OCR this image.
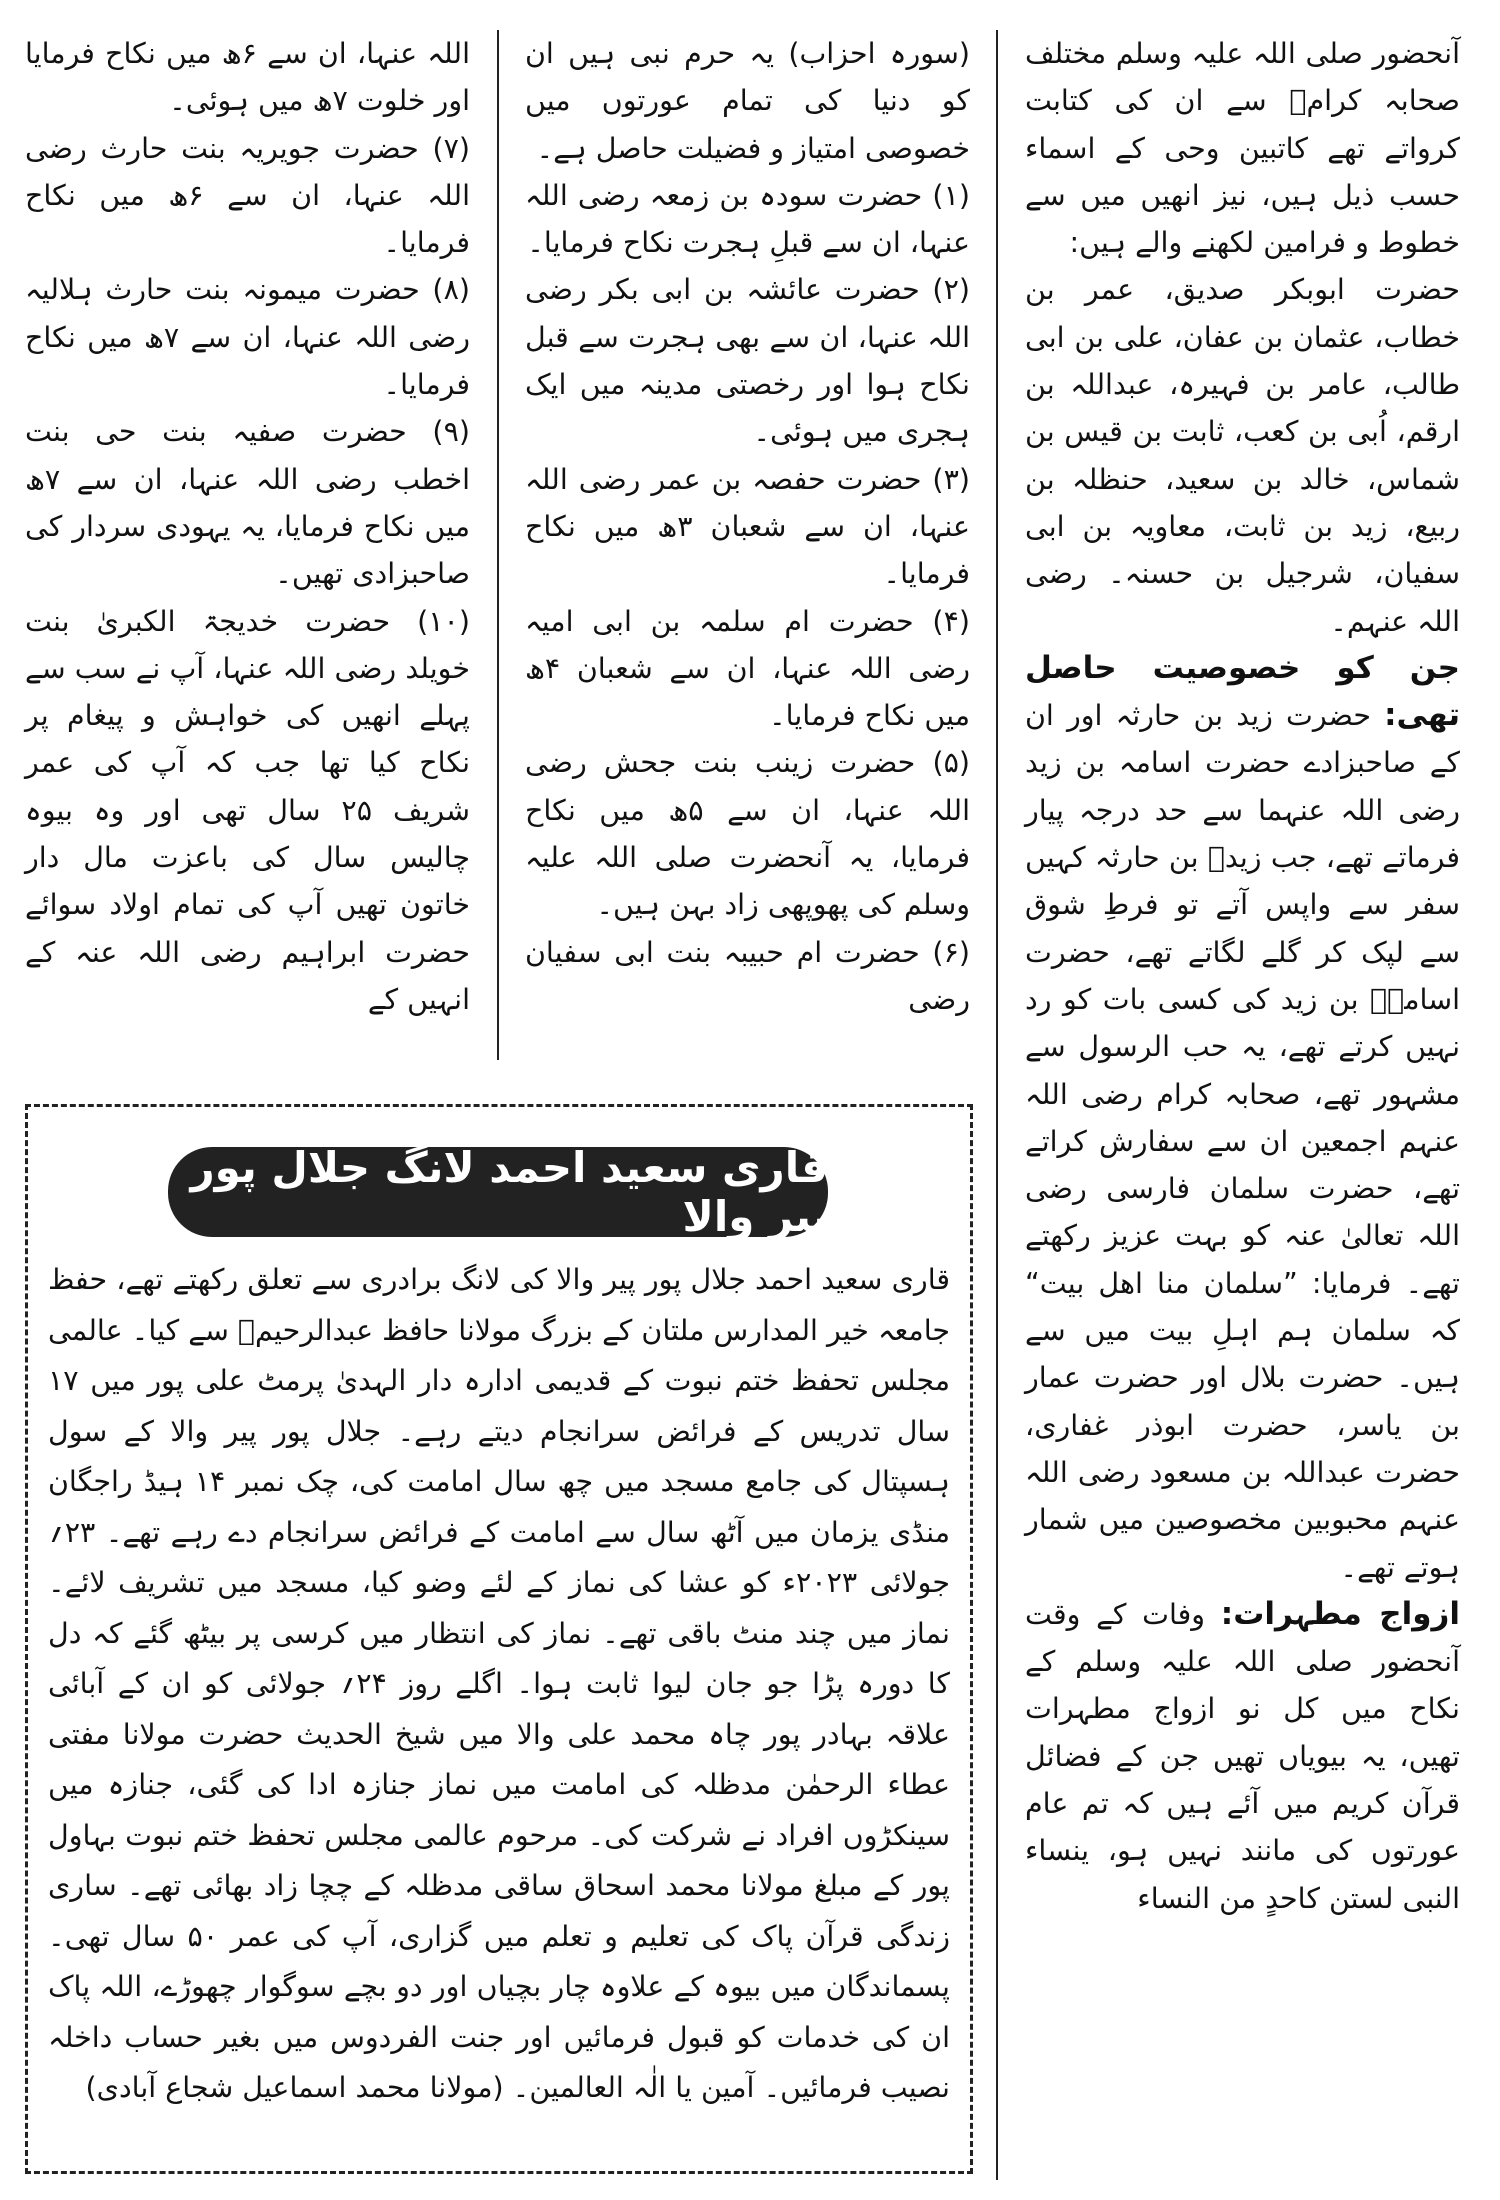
آنحضور صلی اللہ علیہ وسلم مختلف صحابہ کرامؓ سے ان کی کتابت کرواتے تھے کاتبین وحی کے اسماء حسب ذیل ہیں، نیز انھیں میں سے خطوط و فرامین لکھنے والے ہیں:

حضرت ابوبکر صدیق، عمر بن خطاب، عثمان بن عفان، علی بن ابی طالب، عامر بن فہیرہ، عبداللہ بن ارقم، اُبی بن کعب، ثابت بن قیس بن شماس، خالد بن سعید، حنظلہ بن ربیع، زید بن ثابت، معاویہ بن ابی سفیان، شرجیل بن حسنہ۔ رضی اللہ عنہم۔

جن کو خصوصیت حاصل تھی: حضرت زید بن حارثہ اور ان کے صاحبزادے حضرت اسامہ بن زید رضی اللہ عنہما سے حد درجہ پیار فرماتے تھے، جب زیدؓ بن حارثہ کہیں سفر سے واپس آتے تو فرطِ شوق سے لپک کر گلے لگاتے تھے، حضرت اسامہؓ بن زید کی کسی بات کو رد نہیں کرتے تھے، یہ حب الرسول سے مشہور تھے، صحابہ کرام رضی اللہ عنہم اجمعین ان سے سفارش کراتے تھے، حضرت سلمان فارسی رضی اللہ تعالیٰ عنہ کو بہت عزیز رکھتے تھے۔ فرمایا: ”سلمان منا اھل بیت“ کہ سلمان ہم اہلِ بیت میں سے ہیں۔ حضرت بلال اور حضرت عمار بن یاسر، حضرت ابوذر غفاری، حضرت عبداللہ بن مسعود رضی اللہ عنہم محبوبین مخصوصین میں شمار ہوتے تھے۔

ازواج مطہرات: وفات کے وقت آنحضور صلی اللہ علیہ وسلم کے نکاح میں کل نو ازواج مطہرات تھیں، یہ بیویاں تھیں جن کے فضائل قرآن کریم میں آئے ہیں کہ تم عام عورتوں کی مانند نہیں ہو، ینساء النبی لستن کاحدٍ من النساء

(سورہ احزاب) یہ حرم نبی ہیں ان کو دنیا کی تمام عورتوں میں خصوصی امتیاز و فضیلت حاصل ہے۔

(۱) حضرت سودہ بن زمعہ رضی اللہ عنہا، ان سے قبلِ ہجرت نکاح فرمایا۔

(۲) حضرت عائشہ بن ابی بکر رضی اللہ عنہا، ان سے بھی ہجرت سے قبل نکاح ہوا اور رخصتی مدینہ میں ایک ہجری میں ہوئی۔

(۳) حضرت حفصہ بن عمر رضی اللہ عنہا، ان سے شعبان ۳ھ میں نکاح فرمایا۔

(۴) حضرت ام سلمہ بن ابی امیہ رضی اللہ عنہا، ان سے شعبان ۴ھ میں نکاح فرمایا۔

(۵) حضرت زینب بنت جحش رضی اللہ عنہا، ان سے ۵ھ میں نکاح فرمایا، یہ آنحضرت صلی اللہ علیہ وسلم کی پھوپھی زاد بہن ہیں۔

(۶) حضرت ام حبیبہ بنت ابی سفیان رضی

اللہ عنہا، ان سے ۶ھ میں نکاح فرمایا اور خلوت ۷ھ میں ہوئی۔

(۷) حضرت جویریہ بنت حارث رضی اللہ عنہا، ان سے ۶ھ میں نکاح فرمایا۔

(۸) حضرت میمونہ بنت حارث ہلالیہ رضی اللہ عنہا، ان سے ۷ھ میں نکاح فرمایا۔

(۹) حضرت صفیہ بنت حی بنت اخطب رضی اللہ عنہا، ان سے ۷ھ میں نکاح فرمایا، یہ یہودی سردار کی صاحبزادی تھیں۔

(۱۰) حضرت خدیجۃ الکبریٰ بنت خویلد رضی اللہ عنہا، آپ نے سب سے پہلے انھیں کی خواہش و پیغام پر نکاح کیا تھا جب کہ آپ کی عمر شریف ۲۵ سال تھی اور وہ بیوہ چالیس سال کی باعزت مال دار خاتون تھیں آپ کی تمام اولاد سوائے حضرت ابراہیم رضی اللہ عنہ کے انہیں کے

قاری سعید احمد لانگ جلال پور پیر والا

قاری سعید احمد جلال پور پیر والا کی لانگ برادری سے تعلق رکھتے تھے، حفظ جامعہ خیر المدارس ملتان کے بزرگ مولانا حافظ عبدالرحیمؒ سے کیا۔ عالمی مجلس تحفظ ختم نبوت کے قدیمی ادارہ دار الہدیٰ پرمٹ علی پور میں ۱۷ سال تدریس کے فرائض سرانجام دیتے رہے۔ جلال پور پیر والا کے سول ہسپتال کی جامع مسجد میں چھ سال امامت کی، چک نمبر ۱۴ ہیڈ راجگان منڈی یزمان میں آٹھ سال سے امامت کے فرائض سرانجام دے رہے تھے۔ ۲۳؍ جولائی ۲۰۲۳ء کو عشا کی نماز کے لئے وضو کیا، مسجد میں تشریف لائے۔ نماز میں چند منٹ باقی تھے۔ نماز کی انتظار میں کرسی پر بیٹھ گئے کہ دل کا دورہ پڑا جو جان لیوا ثابت ہوا۔ اگلے روز ۲۴؍ جولائی کو ان کے آبائی علاقہ بہادر پور چاہ محمد علی والا میں شیخ الحدیث حضرت مولانا مفتی عطاء الرحمٰن مدظلہ کی امامت میں نماز جنازہ ادا کی گئی، جنازہ میں سینکڑوں افراد نے شرکت کی۔ مرحوم عالمی مجلس تحفظ ختم نبوت بہاول پور کے مبلغ مولانا محمد اسحاق ساقی مدظلہ کے چچا زاد بھائی تھے۔ ساری زندگی قرآن پاک کی تعلیم و تعلم میں گزاری، آپ کی عمر ۵۰ سال تھی۔ پسماندگان میں بیوہ کے علاوہ چار بچیاں اور دو بچے سوگوار چھوڑے، اللہ پاک ان کی خدمات کو قبول فرمائیں اور جنت الفردوس میں بغیر حساب داخلہ نصیب فرمائیں۔ آمین یا الٰہ العالمین۔ (مولانا محمد اسماعیل شجاع آبادی)
